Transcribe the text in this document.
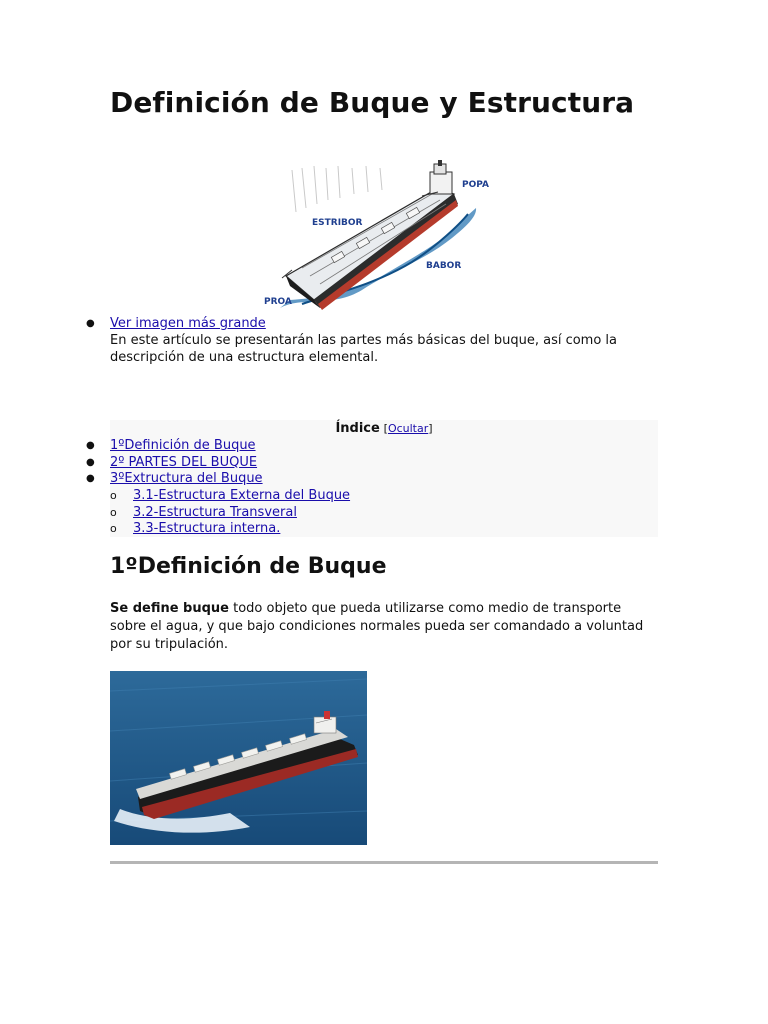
Definición de Buque y Estructura
POPA
ESTRIBOR
BABOR
PROA
● Ver imagen más grande
En este artículo se presentarán las partes más básicas del buque, así como la descripción de una estructura elemental.
Índice [Ocultar]
● 1ºDefinición de Buque
● 2º PARTES DEL BUQUE
● 3ºExtructura del Buque
o 3.1-Estructura Externa del Buque
o 3.2-Estructura Transveral
o 3.3-Estructura interna.
1ºDefinición de Buque

Se define buque todo objeto que pueda utilizarse como medio de transporte sobre el agua, y que bajo condiciones normales pueda ser comandado a voluntad por su tripulación.
